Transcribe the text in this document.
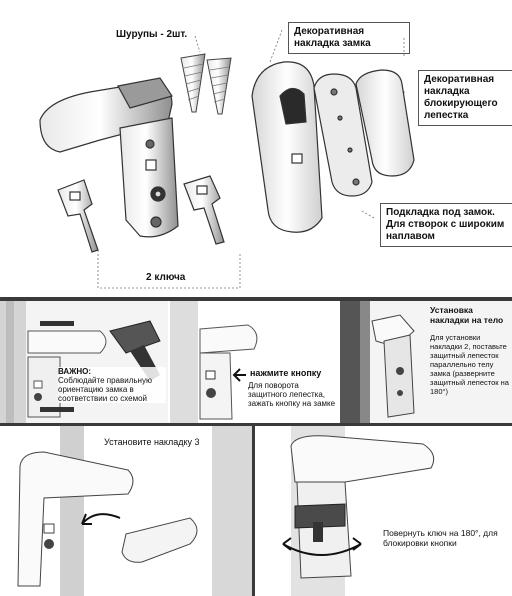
Шурупы - 2шт.	Декоративная накладка замка
Декоративная накладка блокирующего лепестка
Подкладка под замок. Для створок с широким наплавом
2 ключа
ВАЖНО:
Соблюдайте правильную ориентацию замка в соответствии со схемой
нажмите кнопку
Для поворота защитного лепестка, зажать кнопку на замке
Установка накладки на тело
Для установки накладки 2, поставьте защитный лепесток параллельно телу замка (разверните защитный лепесток на 180°)
Установите накладку 3
Повернуть ключ на 180°, для блокировки кнопки
